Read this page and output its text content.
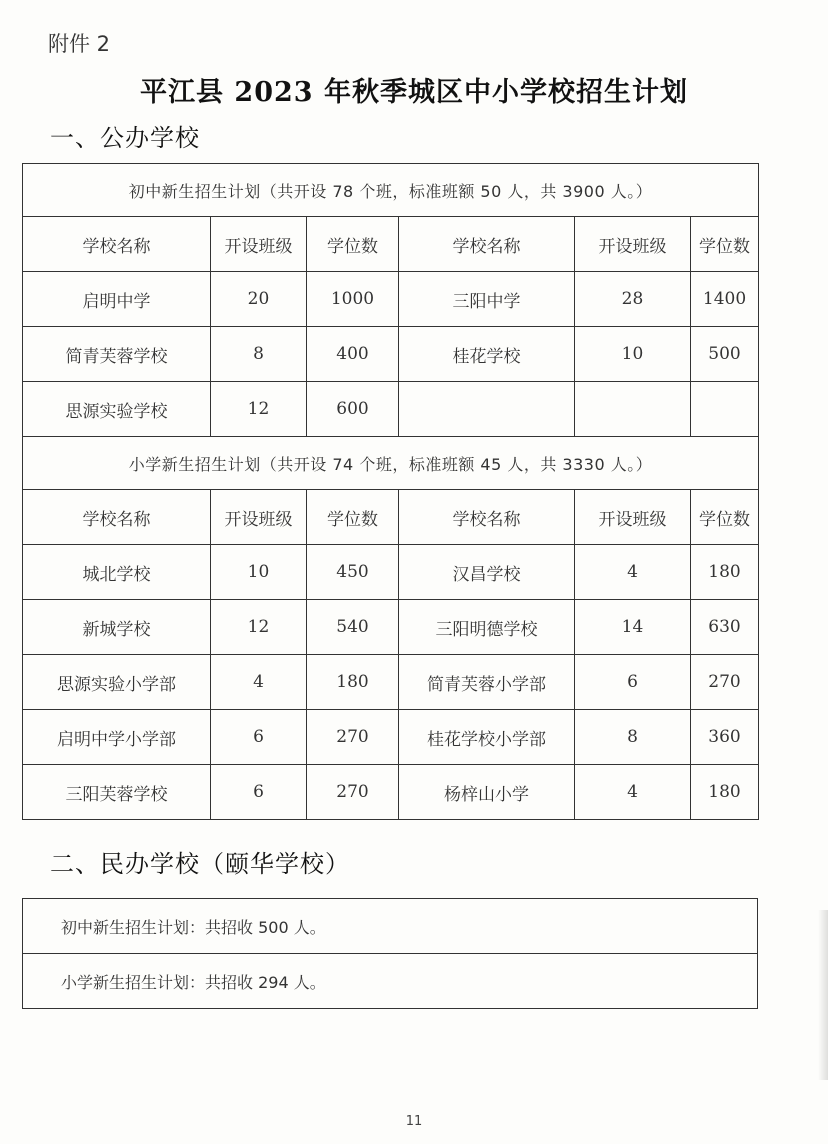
附件 2
平江县 2023 年秋季城区中小学校招生计划
一、公办学校
初中新生招生计划（共开设 78 个班，标准班额 50 人，共 3900 人。）					
学校名称	开设班级	学位数	学校名称	开设班级	学位数
启明中学	20	1000	三阳中学	28	1400
简青芙蓉学校	8	400	桂花学校	10	500
思源实验学校	12	600			
小学新生招生计划（共开设 74 个班，标准班额 45 人，共 3330 人。）					
学校名称	开设班级	学位数	学校名称	开设班级	学位数
城北学校	10	450	汉昌学校	4	180
新城学校	12	540	三阳明德学校	14	630
思源实验小学部	4	180	简青芙蓉小学部	6	270
启明中学小学部	6	270	桂花学校小学部	8	360
三阳芙蓉学校	6	270	杨梓山小学	4	180
二、民办学校（颐华学校）
初中新生招生计划：共招收 500 人。
小学新生招生计划：共招收 294 人。
11
